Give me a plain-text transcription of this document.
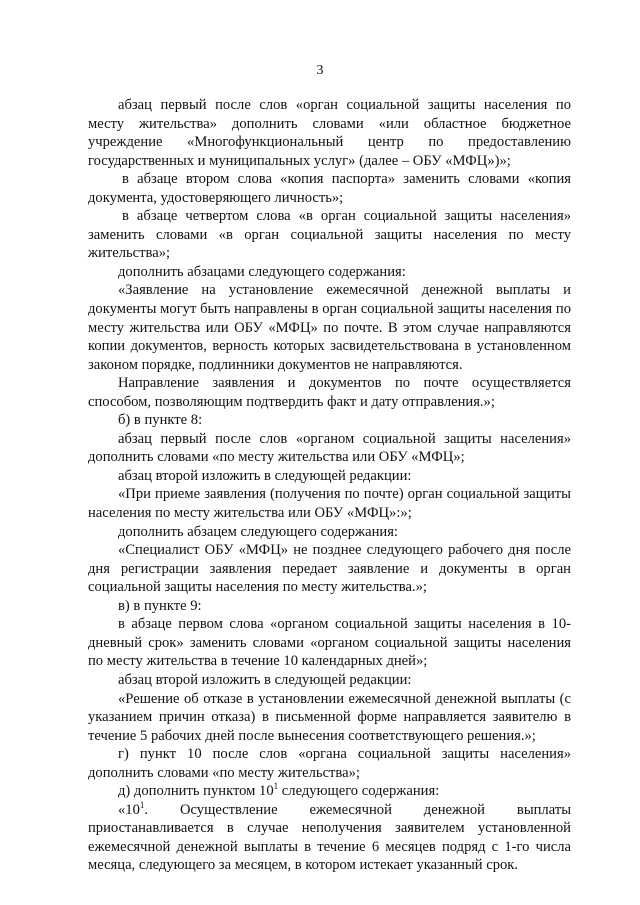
3

абзац первый после слов «орган социальной защиты населения по месту жительства» дополнить словами «или областное бюджетное учреждение «Многофункциональный центр по предоставлению государственных и муниципальных услуг» (далее – ОБУ «МФЦ»)»;

в абзаце втором слова «копия паспорта» заменить словами «копия документа, удостоверяющего личность»;

в абзаце четвертом слова «в орган социальной защиты населения» заменить словами «в орган социальной защиты населения по месту жительства»;

дополнить абзацами следующего содержания:

«Заявление на установление ежемесячной денежной выплаты и документы могут быть направлены в орган социальной защиты населения по месту жительства или ОБУ «МФЦ» по почте. В этом случае направляются копии документов, верность которых засвидетельствована в установленном законом порядке, подлинники документов не направляются.

Направление заявления и документов по почте осуществляется способом, позволяющим подтвердить факт и дату отправления.»;

б) в пункте 8:

абзац первый после слов «органом социальной защиты населения» дополнить словами «по месту жительства или ОБУ «МФЦ»;

абзац второй изложить в следующей редакции:

«При приеме заявления (получения по почте) орган социальной защиты населения по месту жительства или ОБУ «МФЦ»:»;

дополнить абзацем следующего содержания:

«Специалист ОБУ «МФЦ» не позднее следующего рабочего дня после дня регистрации заявления передает заявление и документы в орган социальной защиты населения по месту жительства.»;

в) в пункте 9:

в абзаце первом слова «органом социальной защиты населения в 10-дневный срок» заменить словами «органом социальной защиты населения по месту жительства в течение 10 календарных дней»;

абзац второй изложить в следующей редакции:

«Решение об отказе в установлении ежемесячной денежной выплаты (с указанием причин отказа) в письменной форме направляется заявителю в течение 5 рабочих дней после вынесения соответствующего решения.»;

г) пункт 10 после слов «органа социальной защиты населения» дополнить словами «по месту жительства»;

д) дополнить пунктом $10^1$ следующего содержания:

«$10^1$. Осуществление ежемесячной денежной выплаты приостанавливается в случае неполучения заявителем установленной ежемесячной денежной выплаты в течение 6 месяцев подряд с 1-го числа месяца, следующего за месяцем, в котором истекает указанный срок.
